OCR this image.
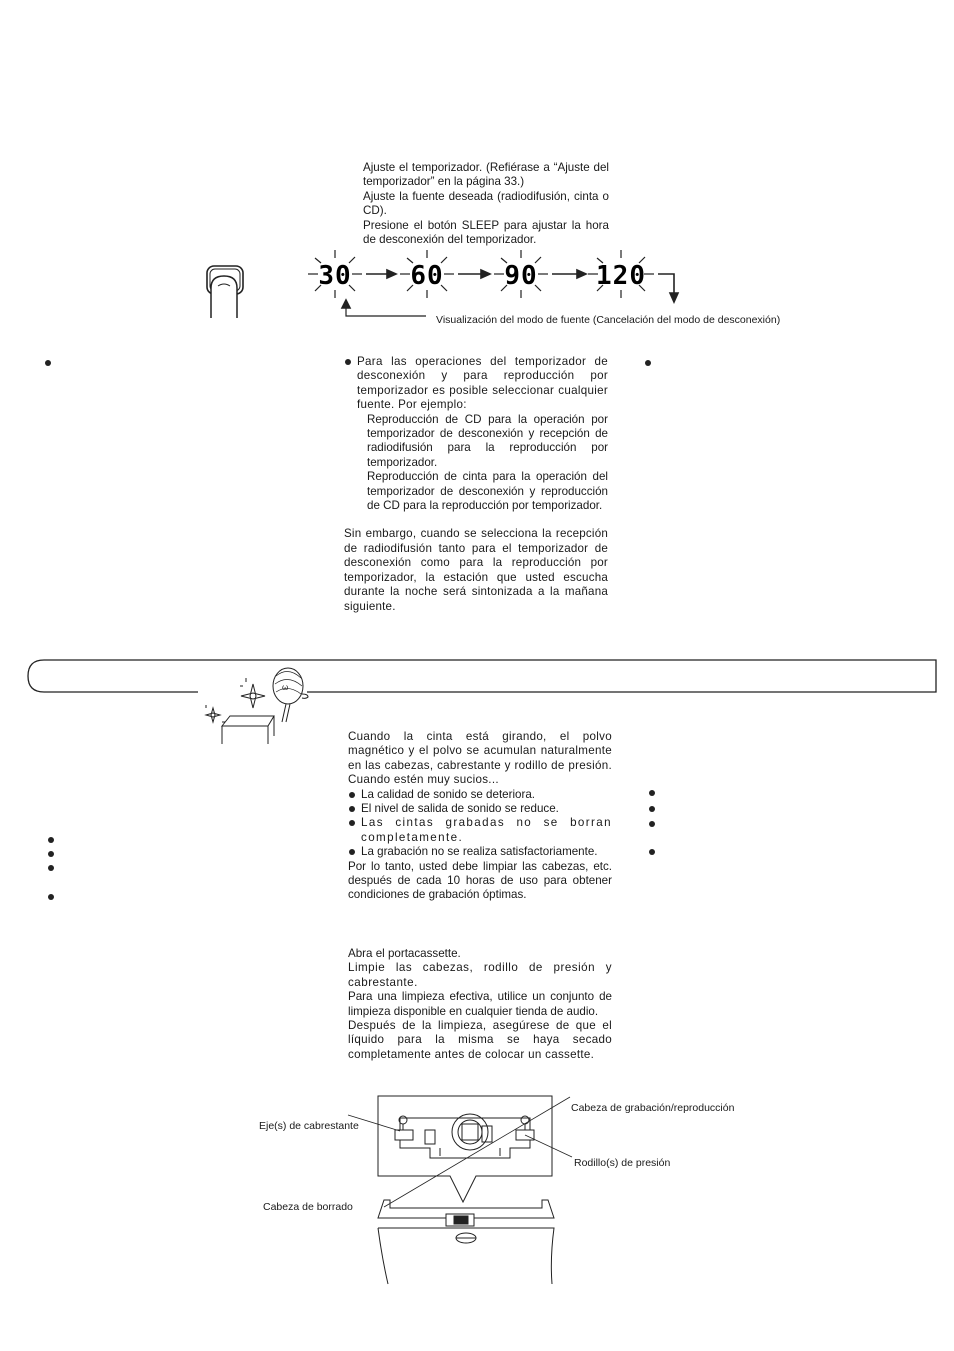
Ajuste el temporizador. (Refiérase a “Ajuste del temporizador” en la página 33.)
Ajuste la fuente deseada (radiodifusión, cinta o CD).
Presione el botón SLEEP para ajustar la hora de desconexión del temporizador.
30 60 90 120
Visualización del modo de fuente (Cancelación del modo de desconexión)
Para las operaciones del temporizador de desconexión y para reproducción por temporizador es posible seleccionar cualquier fuente. Por ejemplo:
Reproducción de CD para la operación por temporizador de desconexión y recepción de radiodifusión para la reproducción por temporizador.
Reproducción de cinta para la operación del temporizador de desconexión y reproducción de CD para la reproducción por temporizador.
Sin embargo, cuando se selecciona la recepción de radiodifusión tanto para el temporizador de desconexión como para la reproducción por temporizador, la estación que usted escucha durante la noche será sintonizada a la mañana siguiente.
ω
Cuando la cinta está girando, el polvo magnético y el polvo se acumulan naturalmente en las cabezas, cabrestante y rodillo de presión. Cuando estén muy sucios...
La calidad de sonido se deteriora.
El nivel de salida de sonido se reduce.
Las cintas grabadas no se borran completamente.
La grabación no se realiza satisfactoriamente.
Por lo tanto, usted debe limpiar las cabezas, etc. después de cada 10 horas de uso para obtener condiciones de grabación óptimas.
Abra el portacassette.
Limpie las cabezas, rodillo de presión y cabrestante.
Para una limpieza efectiva, utilice un conjunto de limpieza disponible en cualquier tienda de audio.
Después de la limpieza, asegúrese de que el líquido para la misma se haya secado completamente antes de colocar un cassette.
Cabeza de grabación/reproducción
Eje(s) de cabrestante
Rodillo(s) de presión
Cabeza de borrado
